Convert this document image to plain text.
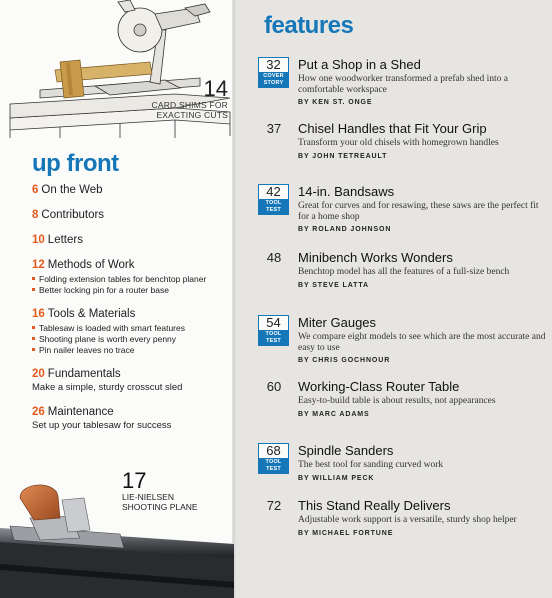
14
CARD SHIMS FOR EXACTING CUTS
up front
6 On the Web
8 Contributors
10 Letters
12 Methods of Work
Folding extension tables for benchtop planer
Better locking pin for a router base
16 Tools & Materials
Tablesaw is loaded with smart features
Shooting plane is worth every penny
Pin nailer leaves no trace
20 Fundamentals
Make a simple, sturdy crosscut sled
26 Maintenance
Set up your tablesaw for success
17
LIE-NIELSEN
SHOOTING PLANE
features
32
COVER STORY
Put a Shop in a Shed
How one woodworker transformed a prefab shed into a comfortable workspace
BY KEN ST. ONGE
37	Chisel Handles that Fit Your Grip
Transform your old chisels with homegrown handles
BY JOHN TETREAULT
42
TOOL TEST
14-in. Bandsaws
Great for curves and for resawing, these saws are the perfect fit for a home shop
BY ROLAND JOHNSON
48	Minibench Works Wonders
Benchtop model has all the features of a full-size bench
BY STEVE LATTA
54
TOOL TEST
Miter Gauges
We compare eight models to see which are the most accurate and easy to use
BY CHRIS GOCHNOUR
60	Working-Class Router Table
Easy-to-build table is about results, not appearances
BY MARC ADAMS
68
TOOL TEST
Spindle Sanders
The best tool for sanding curved work
BY WILLIAM PECK
72	This Stand Really Delivers
Adjustable work support is a versatile, sturdy shop helper
BY MICHAEL FORTUNE
